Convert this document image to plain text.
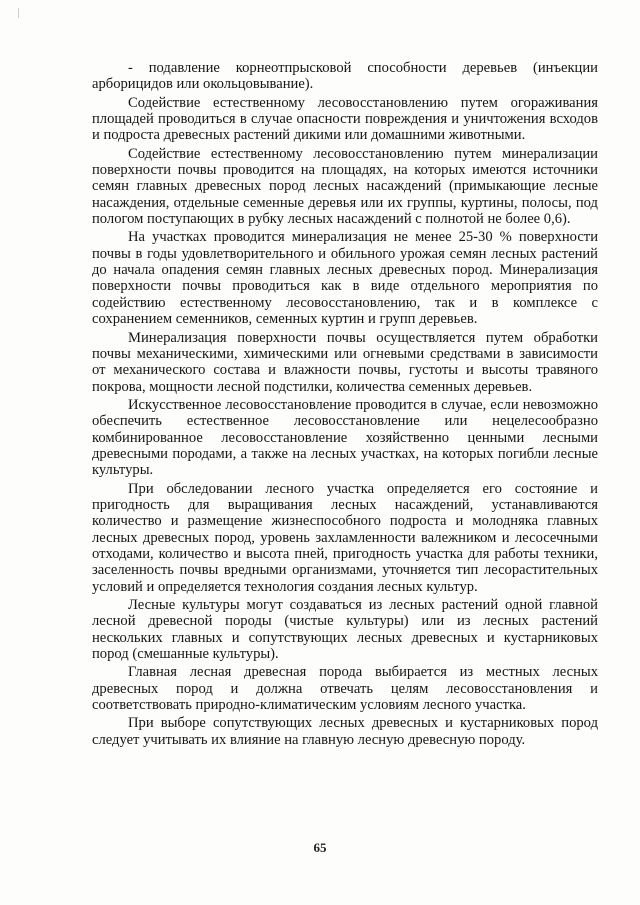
- подавление корнеотпрысковой способности деревьев (инъекции арборицидов или окольцовывание).

Содействие естественному лесовосстановлению путем огораживания площадей проводиться в случае опасности повреждения и уничтожения всходов и подроста древесных растений дикими или домашними животными.

Содействие естественному лесовосстановлению путем минерализации поверхности почвы проводится на площадях, на которых имеются источники семян главных древесных пород лесных насаждений (примыкающие лесные насаждения, отдельные семенные деревья или их группы, куртины, полосы, под пологом поступающих в рубку лесных насаждений с полнотой не более 0,6).

На участках проводится минерализация не менее 25-30 % поверхности почвы в годы удовлетворительного и обильного урожая семян лесных растений до начала опадения семян главных лесных древесных пород. Минерализация поверхности почвы проводиться как в виде отдельного мероприятия по содействию естественному лесовосстановлению, так и в комплексе с сохранением семенников, семенных куртин и групп деревьев.

Минерализация поверхности почвы осуществляется путем обработки почвы механическими, химическими или огневыми средствами в зависимости от механического состава и влажности почвы, густоты и высоты травяного покрова, мощности лесной подстилки, количества семенных деревьев.

Искусственное лесовосстановление проводится в случае, если невозможно обеспечить естественное лесовосстановление или нецелесообразно комбинированное лесовосстановление хозяйственно ценными лесными древесными породами, а также на лесных участках, на которых погибли лесные культуры.

При обследовании лесного участка определяется его состояние и пригодность для выращивания лесных насаждений, устанавливаются количество и размещение жизнеспособного подроста и молодняка главных лесных древесных пород, уровень захламленности валежником и лесосечными отходами, количество и высота пней, пригодность участка для работы техники, заселенность почвы вредными организмами, уточняется тип лесорастительных условий и определяется технология создания лесных культур.

Лесные культуры могут создаваться из лесных растений одной главной лесной древесной породы (чистые культуры) или из лесных растений нескольких главных и сопутствующих лесных древесных и кустарниковых пород (смешанные культуры).

Главная лесная древесная порода выбирается из местных лесных древесных пород и должна отвечать целям лесовосстановления и соответствовать природно-климатическим условиям лесного участка.

При выборе сопутствующих лесных древесных и кустарниковых пород следует учитывать их влияние на главную лесную древесную породу.

65
